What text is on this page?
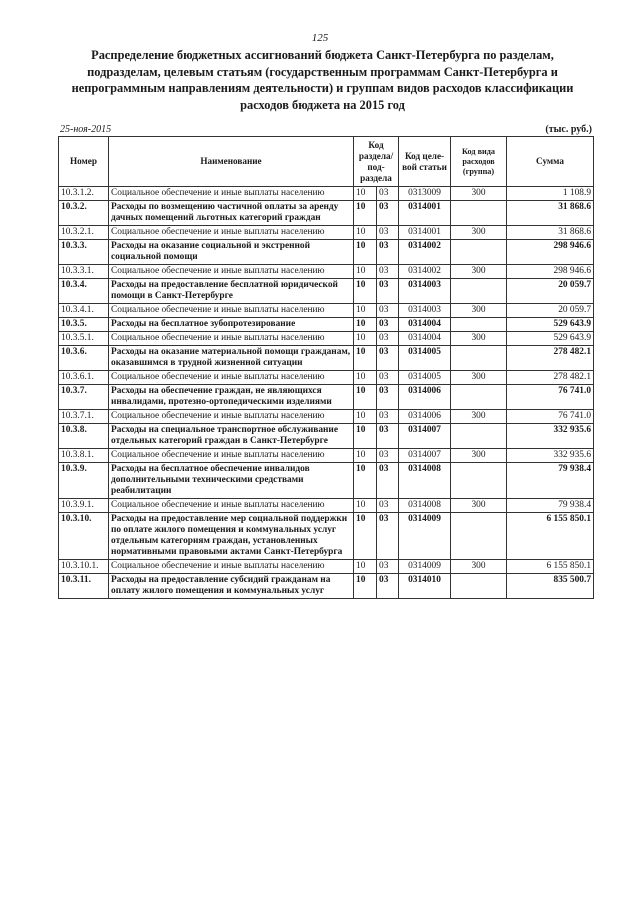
125
Распределение бюджетных ассигнований бюджета Санкт-Петербурга по разделам, подразделам, целевым статьям (государственным программам Санкт-Петербурга и непрограммным направлениям деятельности) и группам видов расходов классификации расходов бюджета на 2015 год
25-ноя-2015	(тыс. руб.)
Номер	Наименование	Код раздела/ под- раздела		Код целе- вой статьи	Код вида расходов (группа)	Сумма
10.3.1.2.	Социальное обеспечение и иные выплаты населению	10	03	0313009	300	1 108.9
10.3.2.	Расходы по возмещению частичной оплаты за аренду дачных помещений льготных категорий граждан	10	03	0314001		31 868.6
10.3.2.1.	Социальное обеспечение и иные выплаты населению	10	03	0314001	300	31 868.6
10.3.3.	Расходы на оказание социальной и экстренной социальной помощи	10	03	0314002		298 946.6
10.3.3.1.	Социальное обеспечение и иные выплаты населению	10	03	0314002	300	298 946.6
10.3.4.	Расходы на предоставление бесплатной юридической помощи в Санкт-Петербурге	10	03	0314003		20 059.7
10.3.4.1.	Социальное обеспечение и иные выплаты населению	10	03	0314003	300	20 059.7
10.3.5.	Расходы на бесплатное зубопротезирование	10	03	0314004		529 643.9
10.3.5.1.	Социальное обеспечение и иные выплаты населению	10	03	0314004	300	529 643.9
10.3.6.	Расходы на оказание материальной помощи гражданам, оказавшимся в трудной жизненной ситуации	10	03	0314005		278 482.1
10.3.6.1.	Социальное обеспечение и иные выплаты населению	10	03	0314005	300	278 482.1
10.3.7.	Расходы на обеспечение граждан, не являющихся инвалидами, протезно-ортопедическими изделиями	10	03	0314006		76 741.0
10.3.7.1.	Социальное обеспечение и иные выплаты населению	10	03	0314006	300	76 741.0
10.3.8.	Расходы на специальное транспортное обслуживание отдельных категорий граждан в Санкт-Петербурге	10	03	0314007		332 935.6
10.3.8.1.	Социальное обеспечение и иные выплаты населению	10	03	0314007	300	332 935.6
10.3.9.	Расходы на бесплатное обеспечение инвалидов дополнительными техническими средствами реабилитации	10	03	0314008		79 938.4
10.3.9.1.	Социальное обеспечение и иные выплаты населению	10	03	0314008	300	79 938.4
10.3.10.	Расходы на предоставление мер социальной поддержки по оплате жилого помещения и коммунальных услуг отдельным категориям граждан, установленных нормативными правовыми актами Санкт-Петербурга	10	03	0314009		6 155 850.1
10.3.10.1.	Социальное обеспечение и иные выплаты населению	10	03	0314009	300	6 155 850.1
10.3.11.	Расходы на предоставление субсидий гражданам на оплату жилого помещения и коммунальных услуг	10	03	0314010		835 500.7
